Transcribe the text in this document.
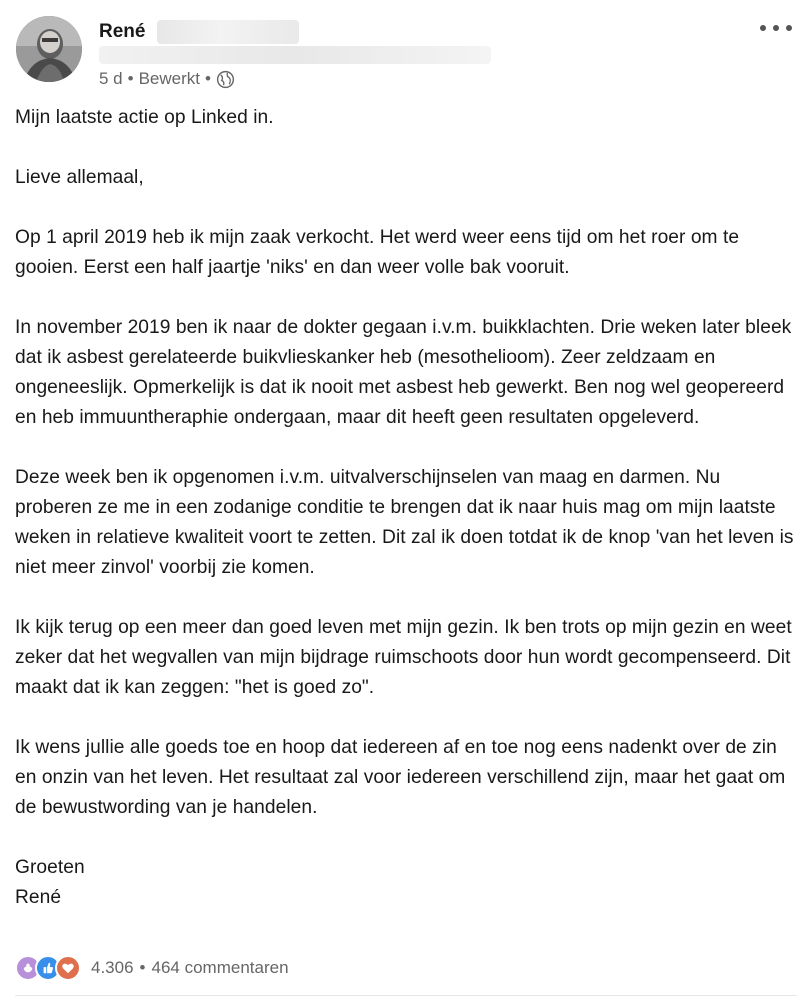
René
5 d • Bewerkt •

Mijn laatste actie op Linked in.

Lieve allemaal,

Op 1 april 2019 heb ik mijn zaak verkocht. Het werd weer eens tijd om het roer om te gooien. Eerst een half jaartje 'niks' en dan weer volle bak vooruit.

In november 2019 ben ik naar de dokter gegaan i.v.m. buikklachten. Drie weken later bleek dat ik asbest gerelateerde buikvlieskanker heb (mesothelioom). Zeer zeldzaam en ongeneeslijk. Opmerkelijk is dat ik nooit met asbest heb gewerkt. Ben nog wel geopereerd en heb immuuntheraphie ondergaan, maar dit heeft geen resultaten opgeleverd.

Deze week ben ik opgenomen i.v.m. uitvalverschijnselen van maag en darmen. Nu proberen ze me in een zodanige conditie te brengen dat ik naar huis mag om mijn laatste weken in relatieve kwaliteit voort te zetten. Dit zal ik doen totdat ik de knop 'van het leven is niet meer zinvol' voorbij zie komen.

Ik kijk terug op een meer dan goed leven met mijn gezin. Ik ben trots op mijn gezin en weet zeker dat het wegvallen van mijn bijdrage ruimschoots door hun wordt gecompenseerd. Dit maakt dat ik kan zeggen: "het is goed zo".

Ik wens jullie alle goeds toe en hoop dat iedereen af en toe nog eens nadenkt over de zin en onzin van het leven. Het resultaat zal voor iedereen verschillend zijn, maar het gaat om de bewustwording van je handelen.

Groeten
René

4.306 • 464 commentaren
